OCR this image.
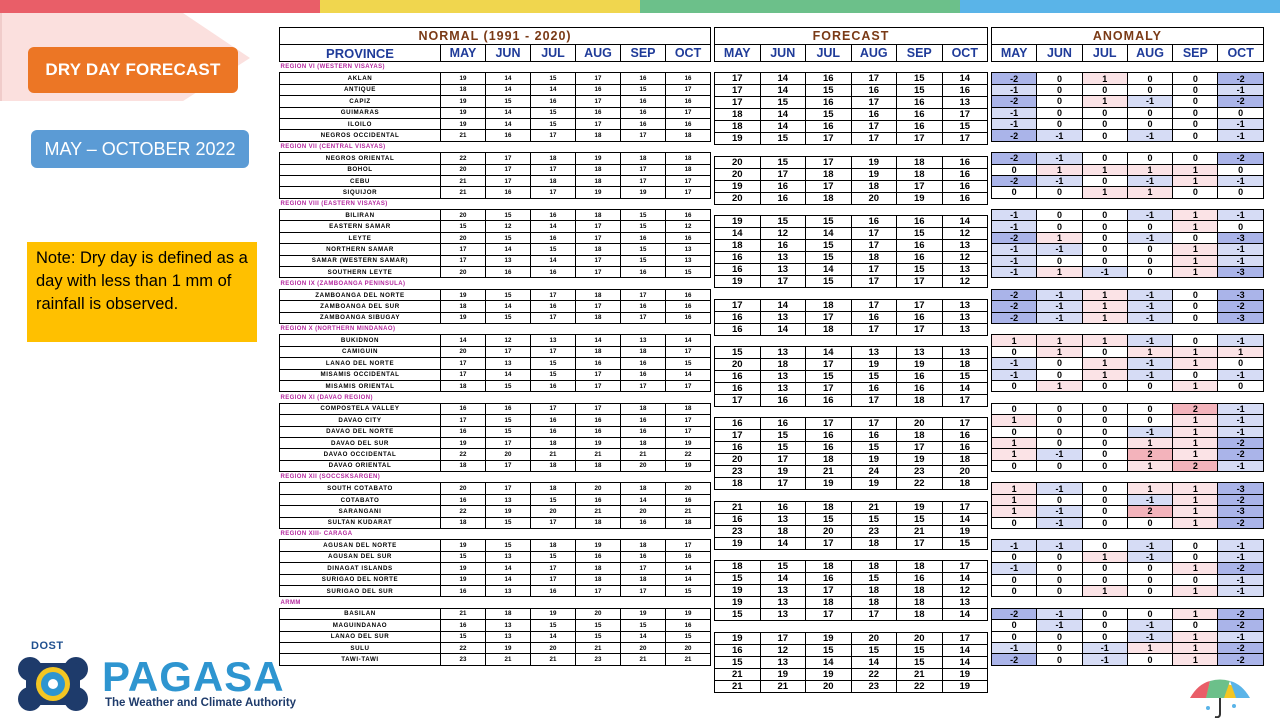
DRY DAY FORECAST
MAY – OCTOBER 2022
Note: Dry day is defined as a day with less than 1 mm of rainfall is observed.
NORMAL (1991 - 2020)						
PROVINCE	MAY	JUN	JUL	AUG	SEP	OCT
REGION VI (WESTERN VISAYAS)						
AKLAN	19	14	15	17	16	16
ANTIQUE	18	14	14	16	15	17
CAPIZ	19	15	16	17	16	16
GUIMARAS	19	14	15	16	16	17
ILOILO	19	14	15	17	16	16
NEGROS OCCIDENTAL	21	16	17	18	17	18
REGION VII (CENTRAL VISAYAS)						
NEGROS ORIENTAL	22	17	18	19	18	18
BOHOL	20	17	17	18	17	18
CEBU	21	17	18	18	17	17
SIQUIJOR	21	16	17	19	19	17
REGION VIII (EASTERN VISAYAS)						
BILIRAN	20	15	16	18	15	16
EASTERN SAMAR	15	12	14	17	15	12
LEYTE	20	15	16	17	16	16
NORTHERN SAMAR	17	14	15	18	15	13
SAMAR (WESTERN SAMAR)	17	13	14	17	15	13
SOUTHERN LEYTE	20	16	16	17	16	15
REGION IX (ZAMBOANGA PENINSULA)						
ZAMBOANGA DEL NORTE	19	15	17	18	17	16
ZAMBOANGA DEL SUR	18	14	16	17	16	16
ZAMBOANGA SIBUGAY	19	15	17	18	17	16
REGION X (NORTHERN MINDANAO)						
BUKIDNON	14	12	13	14	13	14
CAMIGUIN	20	17	17	18	18	17
LANAO DEL NORTE	17	13	15	16	16	15
MISAMIS OCCIDENTAL	17	14	15	17	16	14
MISAMIS ORIENTAL	18	15	16	17	17	17
REGION XI (DAVAO REGION)						
COMPOSTELA VALLEY	16	16	17	17	18	18
DAVAO CITY	17	15	16	16	16	17
DAVAO DEL NORTE	16	15	16	16	16	17
DAVAO DEL SUR	19	17	18	19	18	19
DAVAO OCCIDENTAL	22	20	21	21	21	22
DAVAO ORIENTAL	18	17	18	18	20	19
REGION XII (SOCCSKSARGEN)						
SOUTH COTABATO	20	17	18	20	18	20
COTABATO	16	13	15	16	14	16
SARANGANI	22	19	20	21	20	21
SULTAN KUDARAT	18	15	17	18	16	18
REGION XIII- CARAGA						
AGUSAN DEL NORTE	19	15	18	19	18	17
AGUSAN DEL SUR	15	13	15	16	16	16
DINAGAT ISLANDS	19	14	17	18	17	14
SURIGAO DEL NORTE	19	14	17	18	18	14
SURIGAO DEL SUR	16	13	16	17	17	15
ARMM						
BASILAN	21	18	19	20	19	19
MAGUINDANAO	16	13	15	15	15	16
LANAO DEL SUR	15	13	14	15	14	15
SULU	22	19	20	21	20	20
TAWI-TAWI	23	21	21	23	21	21
FORECAST					
MAY	JUN	JUL	AUG	SEP	OCT

17	14	16	17	15	14
17	14	15	16	15	16
17	15	16	17	16	13
18	14	15	16	16	17
18	14	16	17	16	15
19	15	17	17	17	17

20	15	17	19	18	16
20	17	18	19	18	16
19	16	17	18	17	16
20	16	18	20	19	16

19	15	15	16	16	14
14	12	14	17	15	12
18	16	15	17	16	13
16	13	15	18	16	12
16	13	14	17	15	13
19	17	15	17	17	12

17	14	18	17	17	13
16	13	17	16	16	13
16	14	18	17	17	13

15	13	14	13	13	13
20	18	17	19	19	18
16	13	15	15	16	15
16	13	17	16	16	14
17	16	16	17	18	17

16	16	17	17	20	17
17	15	16	16	18	16
16	15	16	15	17	16
20	17	18	19	19	18
23	19	21	24	23	20
18	17	19	19	22	18

21	16	18	21	19	17
16	13	15	15	15	14
23	18	20	23	21	19
19	14	17	18	17	15

18	15	18	18	18	17
15	14	16	15	16	14
19	13	17	18	18	12
19	13	18	18	18	13
15	13	17	17	18	14

19	17	19	20	20	17
16	12	15	15	15	14
15	13	14	14	15	14
21	19	19	22	21	19
21	21	20	23	22	19
ANOMALY					
MAY	JUN	JUL	AUG	SEP	OCT

-2	0	1	0	0	-2
-1	0	0	0	0	-1
-2	0	1	-1	0	-2
-1	0	0	0	0	0
-1	0	0	0	0	-1
-2	-1	0	-1	0	-1

-2	-1	0	0	0	-2
0	1	1	1	1	0
-2	-1	0	-1	1	-1
0	0	1	1	0	0

-1	0	0	-1	1	-1
-1	0	0	0	1	0
-2	1	0	-1	0	-3
-1	-1	0	0	1	-1
-1	0	0	0	1	-1
-1	1	-1	0	1	-3

-2	-1	1	-1	0	-3
-2	-1	1	-1	0	-2
-2	-1	1	-1	0	-3

1	1	1	-1	0	-1
0	1	0	1	1	1
-1	0	1	-1	1	0
-1	0	1	-1	0	-1
0	1	0	0	1	0

0	0	0	0	2	-1
1	0	0	0	1	-1
0	0	0	-1	1	-1
1	0	0	1	1	-2
1	-1	0	2	1	-2
0	0	0	1	2	-1

1	-1	0	1	1	-3
1	0	0	-1	1	-2
1	-1	0	2	1	-3
0	-1	0	0	1	-2

-1	-1	0	-1	0	-1
0	0	1	-1	0	-1
-1	0	0	0	1	-2
0	0	0	0	0	-1
0	0	1	0	1	-1

-2	-1	0	0	1	-2
0	-1	0	-1	0	-2
0	0	0	-1	1	-1
-1	0	-1	1	1	-2
-2	0	-1	0	1	-2
DOST
PAGASA
The Weather and Climate Authority
